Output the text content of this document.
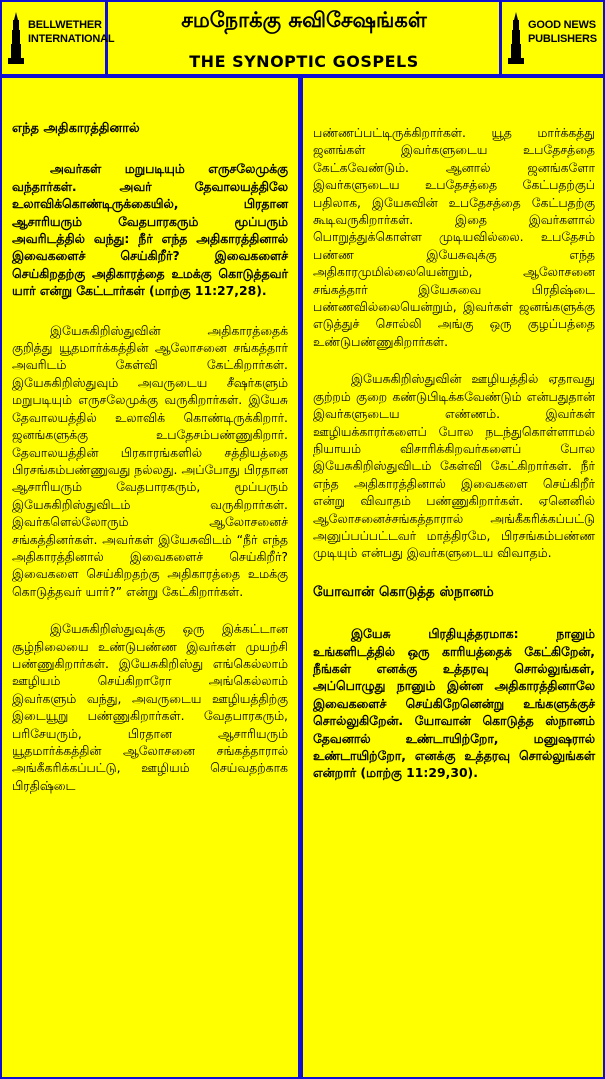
BELLWETHER
INTERNATIONAL
சமநோக்கு சுவிசேஷங்கள்
THE SYNOPTIC GOSPELS
GOOD NEWS
PUBLISHERS
எந்த அதிகாரத்தினால்
அவர்கள் மறுபடியும் எருசலேமுக்கு வந்தார்கள். அவர் தேவாலயத்திலே உலாவிக்கொண்டிருக்கையில், பிரதான ஆசாரியரும் வேதபாரகரும் மூப்பரும் அவரிடத்தில் வந்து: நீர் எந்த அதிகாரத்தினால் இவைகளைச் செய்கிறீர்? இவைகளைச் செய்கிறதற்கு அதிகாரத்தை உமக்கு கொடுத்தவர் யார் என்று கேட்டார்கள் (மாற்கு 11:27,28).
இயேசுகிறிஸ்துவின் அதிகாரத்தைக் குறித்து யூதமார்க்கத்தின் ஆலோசனை சங்கத்தார் அவரிடம் கேள்வி கேட்கிறார்கள். இயேசுகிறிஸ்துவும் அவருடைய சீஷர்களும் மறுபடியும் எருசலேமுக்கு வருகிறார்கள். இயேசு தேவாலயத்தில் உலாவிக் கொண்டிருக்கிறார். ஜனங்களுக்கு உபதேசம்பண்ணுகிறார். தேவாலயத்தின் பிரகாரங்களில் சத்தியத்தை பிரசங்கம்பண்ணுவது நல்லது. அப்போது பிரதான ஆசாரியரும் வேதபாரகரும், மூப்பரும் இயேசுகிறிஸ்துவிடம் வருகிறார்கள். இவர்களெல்லோரும் ஆலோசனைச் சங்கத்தினர்கள். அவர்கள் இயேசுவிடம் “நீர் எந்த அதிகாரத்தினால் இவைகளைச் செய்கிறீர்? இவைகளை செய்கிறதற்கு அதிகாரத்தை உமக்கு கொடுத்தவர் யார்?” என்று கேட்கிறார்கள்.
இயேசுகிறிஸ்துவுக்கு ஒரு இக்கட்டான சூழ்நிலையை உண்டுபண்ண இவர்கள் முயற்சி பண்ணுகிறார்கள். இயேசுகிறிஸ்து எங்கெல்லாம் ஊழியம் செய்கிறாரோ அங்கெல்லாம் இவர்களும் வந்து, அவருடைய ஊழியத்திற்கு இடையூறு பண்ணுகிறார்கள். வேதபாரகரும், பரிசேயரும், பிரதான ஆசாரியரும் யூதமார்க்கத்தின் ஆலோசனை சங்கத்தாரால் அங்கீகரிக்கப்பட்டு, ஊழியம் செய்வதற்காக பிரதிஷ்டை
பண்ணப்பட்டிருக்கிறார்கள். யூத மார்க்கத்து ஜனங்கள் இவர்களுடைய உபதேசத்தை கேட்கவேண்டும். ஆனால் ஜனங்களோ இவர்களுடைய உபதேசத்தை கேட்பதற்குப் பதிலாக, இயேசுவின் உபதேசத்தை கேட்பதற்கு கூடிவருகிறார்கள். இதை இவர்களால் பொறுத்துக்கொள்ள முடியவில்லை. உபதேசம் பண்ண இயேசுவுக்கு எந்த அதிகாரமுமில்லையென்றும், ஆலோசனை சங்கத்தார் இயேசுவை பிரதிஷ்டை பண்ணவில்லையென்றும், இவர்கள் ஜனங்களுக்கு எடுத்துச் சொல்லி அங்கு ஒரு குழப்பத்தை உண்டுபண்ணுகிறார்கள்.
இயேசுகிறிஸ்துவின் ஊழியத்தில் ஏதாவது குற்றம் குறை கண்டுபிடிக்கவேண்டும் என்பதுதான் இவர்களுடைய எண்ணம். இவர்கள் ஊழியக்காரர்களைப் போல நடந்துகொள்ளாமல் நியாயம் விசாரிக்கிறவர்களைப் போல இயேசுகிறிஸ்துவிடம் கேள்வி கேட்கிறார்கள். நீர் எந்த அதிகாரத்தினால் இவைகளை செய்கிறீர் என்று விவாதம் பண்ணுகிறார்கள். ஏனெனில் ஆலோசனைச்சங்கத்தாரால் அங்கீகரிக்கப்பட்டு அனுப்பப்பட்டவர் மாத்திரமே, பிரசங்கம்பண்ண முடியும் என்பது இவர்களுடைய விவாதம்.
யோவான் கொடுத்த ஸ்நானம்
இயேசு பிரதியுத்தரமாக: நானும் உங்களிடத்தில் ஒரு காரியத்தைக் கேட்கிறேன், நீங்கள் எனக்கு உத்தரவு சொல்லுங்கள், அப்பொழுது நானும் இன்ன அதிகாரத்தினாலே இவைகளைச் செய்கிறேனென்று உங்களுக்குச் சொல்லுகிறேன். யோவான் கொடுத்த ஸ்நானம் தேவனால் உண்டாயிற்றோ, மனுஷரால் உண்டாயிற்றோ, எனக்கு உத்தரவு சொல்லுங்கள் என்றார் (மாற்கு 11:29,30).
